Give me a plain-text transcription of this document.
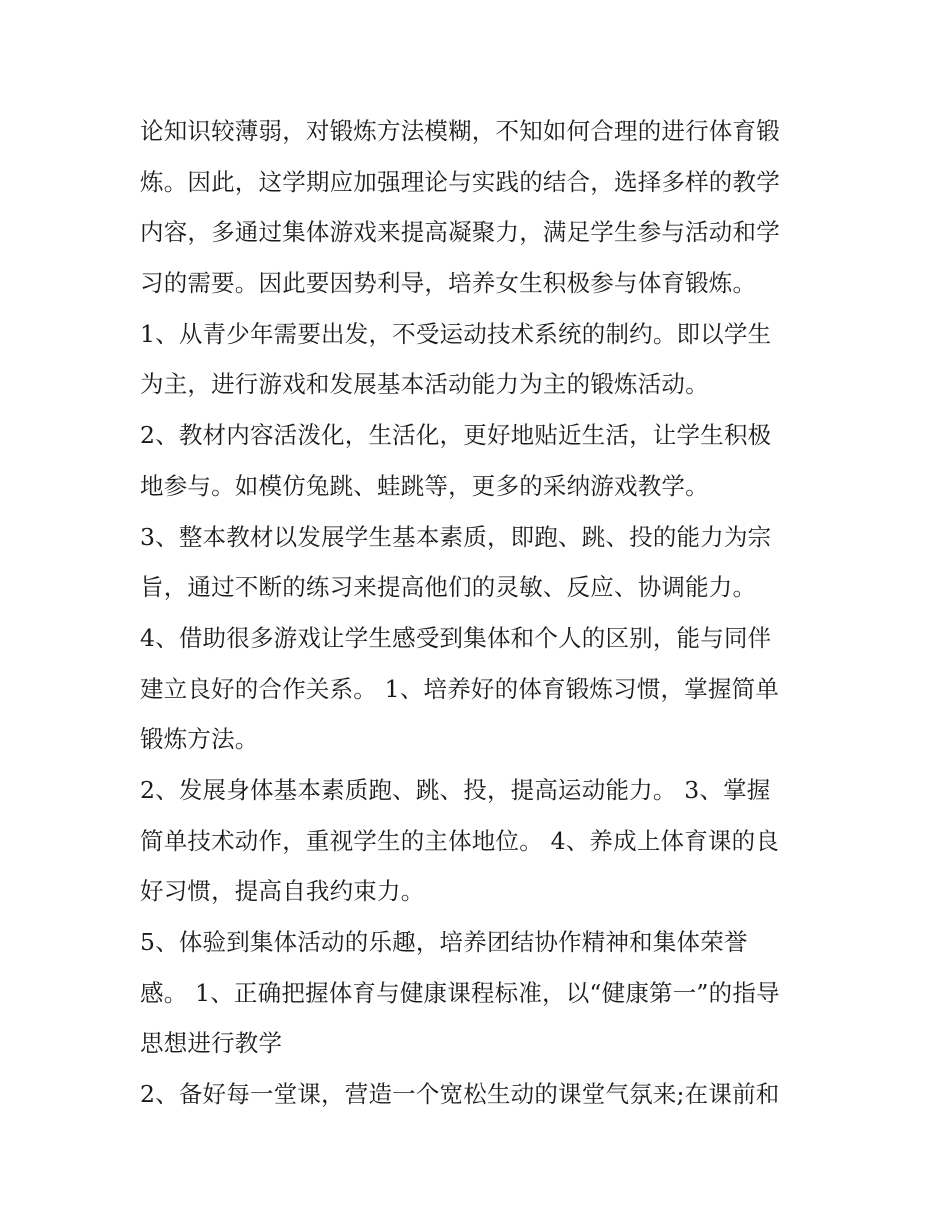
论知识较薄弱，对锻炼方法模糊，不知如何合理的进行体育锻
炼。因此，这学期应加强理论与实践的结合，选择多样的教学
内容，多通过集体游戏来提高凝聚力，满足学生参与活动和学
习的需要。因此要因势利导，培养女生积极参与体育锻炼。
1、从青少年需要出发，不受运动技术系统的制约。即以学生
为主，进行游戏和发展基本活动能力为主的锻炼活动。
2、教材内容活泼化，生活化，更好地贴近生活，让学生积极
地参与。如模仿兔跳、蛙跳等，更多的采纳游戏教学。
3、整本教材以发展学生基本素质，即跑、跳、投的能力为宗
旨，通过不断的练习来提高他们的灵敏、反应、协调能力。
4、借助很多游戏让学生感受到集体和个人的区别，能与同伴
建立良好的合作关系。 1、培养好的体育锻炼习惯，掌握简单
锻炼方法。
2、发展身体基本素质跑、跳、投，提高运动能力。 3、掌握
简单技术动作，重视学生的主体地位。 4、养成上体育课的良
好习惯，提高自我约束力。
5、体验到集体活动的乐趣，培养团结协作精神和集体荣誉
感。 1、正确把握体育与健康课程标准，以“健康第一”的指导
思想进行教学
2、备好每一堂课，营造一个宽松生动的课堂气氛来;在课前和
